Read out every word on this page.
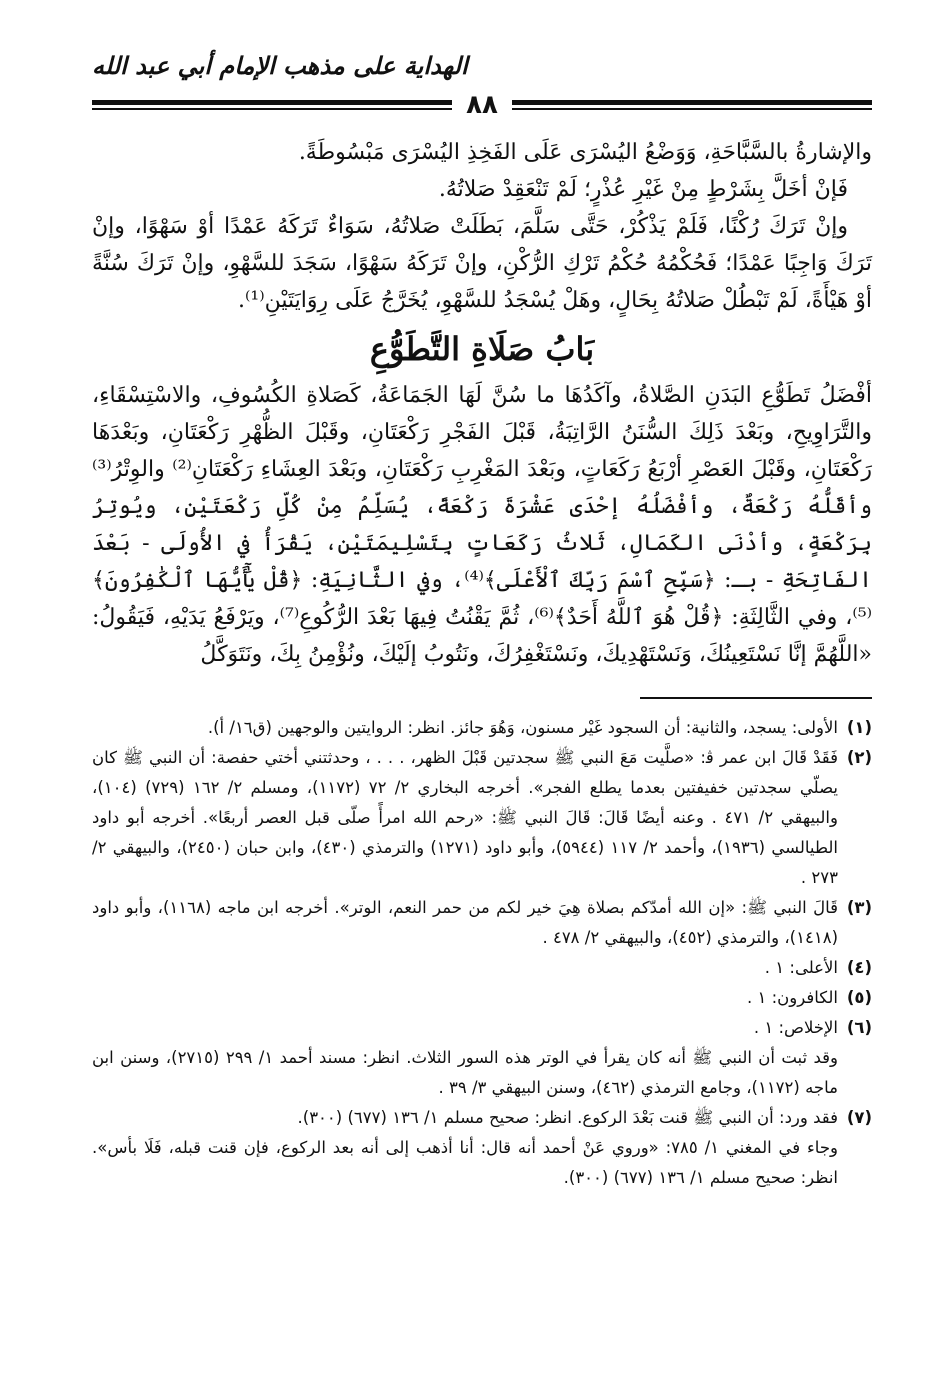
الهداية على مذهب الإمام أبي عبد الله
٨٨

والإشارةُ بالسَّبَّاحَةِ، وَوَضْعُ اليُسْرَى عَلَى الفَخِذِ اليُسْرَى مَبْسُوطَةً.

فَإنْ أخَلَّ بِشَرْطٍ مِنْ غَيْرِ عُذْرٍ؛ لَمْ تَنْعَقِدْ صَلاتُهُ.

وإنْ تَرَكَ رُكْنًا، فَلَمْ يَذْكُرْ، حَتَّى سَلَّمَ، بَطَلَتْ صَلاتُهُ، سَوَاءٌ تَرَكَهُ عَمْدًا أوْ سَهْوًا، وإنْ تَرَكَ وَاجِبًا عَمْدًا؛ فَحُكْمُهُ حُكْمُ تَرْكِ الرُّكْنِ، وإنْ تَرَكَهُ سَهْوًا، سَجَدَ للسَّهْوِ، وإنْ تَرَكَ سُنَّةً أوْ هَيْأَةً، لَمْ تَبْطُلْ صَلاتُهُ بِحَالٍ، وهَلْ يُسْجَدُ للسَّهْوِ، يُخَرَّجُ عَلَى رِوَايَتَيْنِ⁽¹⁾.

بَابُ صَلَاةِ التَّطَوُّعِ

أفْضَلُ تَطَوُّعِ البَدَنِ الصَّلاةُ، وآكَدُهَا ما سُنَّ لَهَا الجَمَاعَةُ، كَصَلاةِ الكُسُوفِ، والاسْتِسْقَاءِ، والتَّرَاوِيحِ، وبَعْدَ ذَلِكَ السُّنَنُ الرَّاتِبَةُ، قَبْلَ الفَجْرِ رَكْعَتَانِ، وقَبْلَ الظُّهْرِ رَكْعَتَانِ، وبَعْدَهَا رَكْعَتَانِ، وقَبْلَ العَصْرِ أرْبَعُ رَكَعَاتٍ، وبَعْدَ المَغْرِبِ رَكْعَتَانِ، وبَعْدَ العِشَاءِ رَكْعَتَانِ⁽²⁾ والوِتْرُ⁽³⁾ وأقَلُّهُ رَكْعَةٌ، وأفْضَلُهُ إحْدَى عَشْرَةَ رَكْعَةً، يُسَلِّمُ مِنْ كُلِّ رَكْعَتَيْنِ، ويُوتِرُ بِرَكْعَةٍ، وأدْنَى الكَمَالِ، ثَلاثُ رَكَعَاتٍ بِتَسْلِيمَتَيْنِ، يَقْرَأُ في الأُولَى - بَعْدَ الفَاتِحَةِ - بـ: ﴿سَبِّحِ ٱسْمَ رَبِّكَ ٱلْأَعْلَى﴾⁽⁴⁾، وفي الثَّانِيَةِ: ﴿قُلْ يَٰٓأَيُّهَا ٱلْكَٰفِرُونَ﴾⁽⁵⁾، وفي الثَّالِثَةِ: ﴿قُلْ هُوَ ٱللَّهُ أَحَدٌ﴾⁽⁶⁾، ثُمَّ يَقْنُتُ فِيهَا بَعْدَ الرُّكُوعِ⁽⁷⁾، ويَرْفَعُ يَدَيْهِ، فَيَقُولُ: «اللَّهُمَّ إنَّا نَسْتَعِينُكَ، وَنَسْتَهْدِيكَ، ونَسْتَغْفِرُكَ، ونَتُوبُ إلَيْكَ، ونُؤْمِنُ بِكَ، ونَتَوَكَّلُ

(١)

الأولى: يسجد، والثانية: أن السجود غَيْر مسنون، وَهُوَ جائز. انظر: الروايتين والوجهين (ق١٦/ أ).

(٢)

فَقَدْ قَالَ ابن عمر ﭬ: «صلَّيت مَعَ النبي ﷺ سجدتين قَبْلَ الظهر، . . . ، وحدثتني أختي حفصة: أن النبي ﷺ كان يصلّي سجدتين خفيفتين بعدما يطلع الفجر». أخرجه البخاري ٢/ ٧٢ (١١٧٢)، ومسلم ٢/ ١٦٢ (٧٢٩) (١٠٤)، والبيهقي ٢/ ٤٧١ . وعنه أيضًا قَالَ: قَالَ النبي ﷺ: «رحم الله امرأً صلّى قبل العصر أربعًا». أخرجه أبو داود الطيالسي (١٩٣٦)، وأحمد ٢/ ١١٧ (٥٩٤٤)، وأبو داود (١٢٧١) والترمذي (٤٣٠)، وابن حبان (٢٤٥٠)، والبيهقي ٢/ ٢٧٣ .

(٣)

قَالَ النبي ﷺ: «إن الله أمدّكم بصلاة هِيَ خير لكم من حمر النعم، الوتر». أخرجه ابن ماجه (١١٦٨)، وأبو داود (١٤١٨)، والترمذي (٤٥٢)، والبيهقي ٢/ ٤٧٨ .

(٤)

الأعلى: ١ .

(٥)

الكافرون: ١ .

(٦)

الإخلاص: ١ .

وقد ثبت أن النبي ﷺ أنه كان يقرأ في الوتر هذه السور الثلاث. انظر: مسند أحمد ١/ ٢٩٩ (٢٧١٥)، وسنن ابن ماجه (١١٧٢)، وجامع الترمذي (٤٦٢)، وسنن البيهقي ٣/ ٣٩ .

(٧)

فقد ورد: أن النبي ﷺ قنت بَعْدَ الركوع. انظر: صحيح مسلم ١/ ١٣٦ (٦٧٧) (٣٠٠).

وجاء في المغني ١/ ٧٨٥: «وروي عَنْ أحمد أنه قال: أنا أذهب إلى أنه بعد الركوع، فإن قنت قبله، فَلَا بأس». انظر: صحيح مسلم ١/ ١٣٦ (٦٧٧) (٣٠٠).
